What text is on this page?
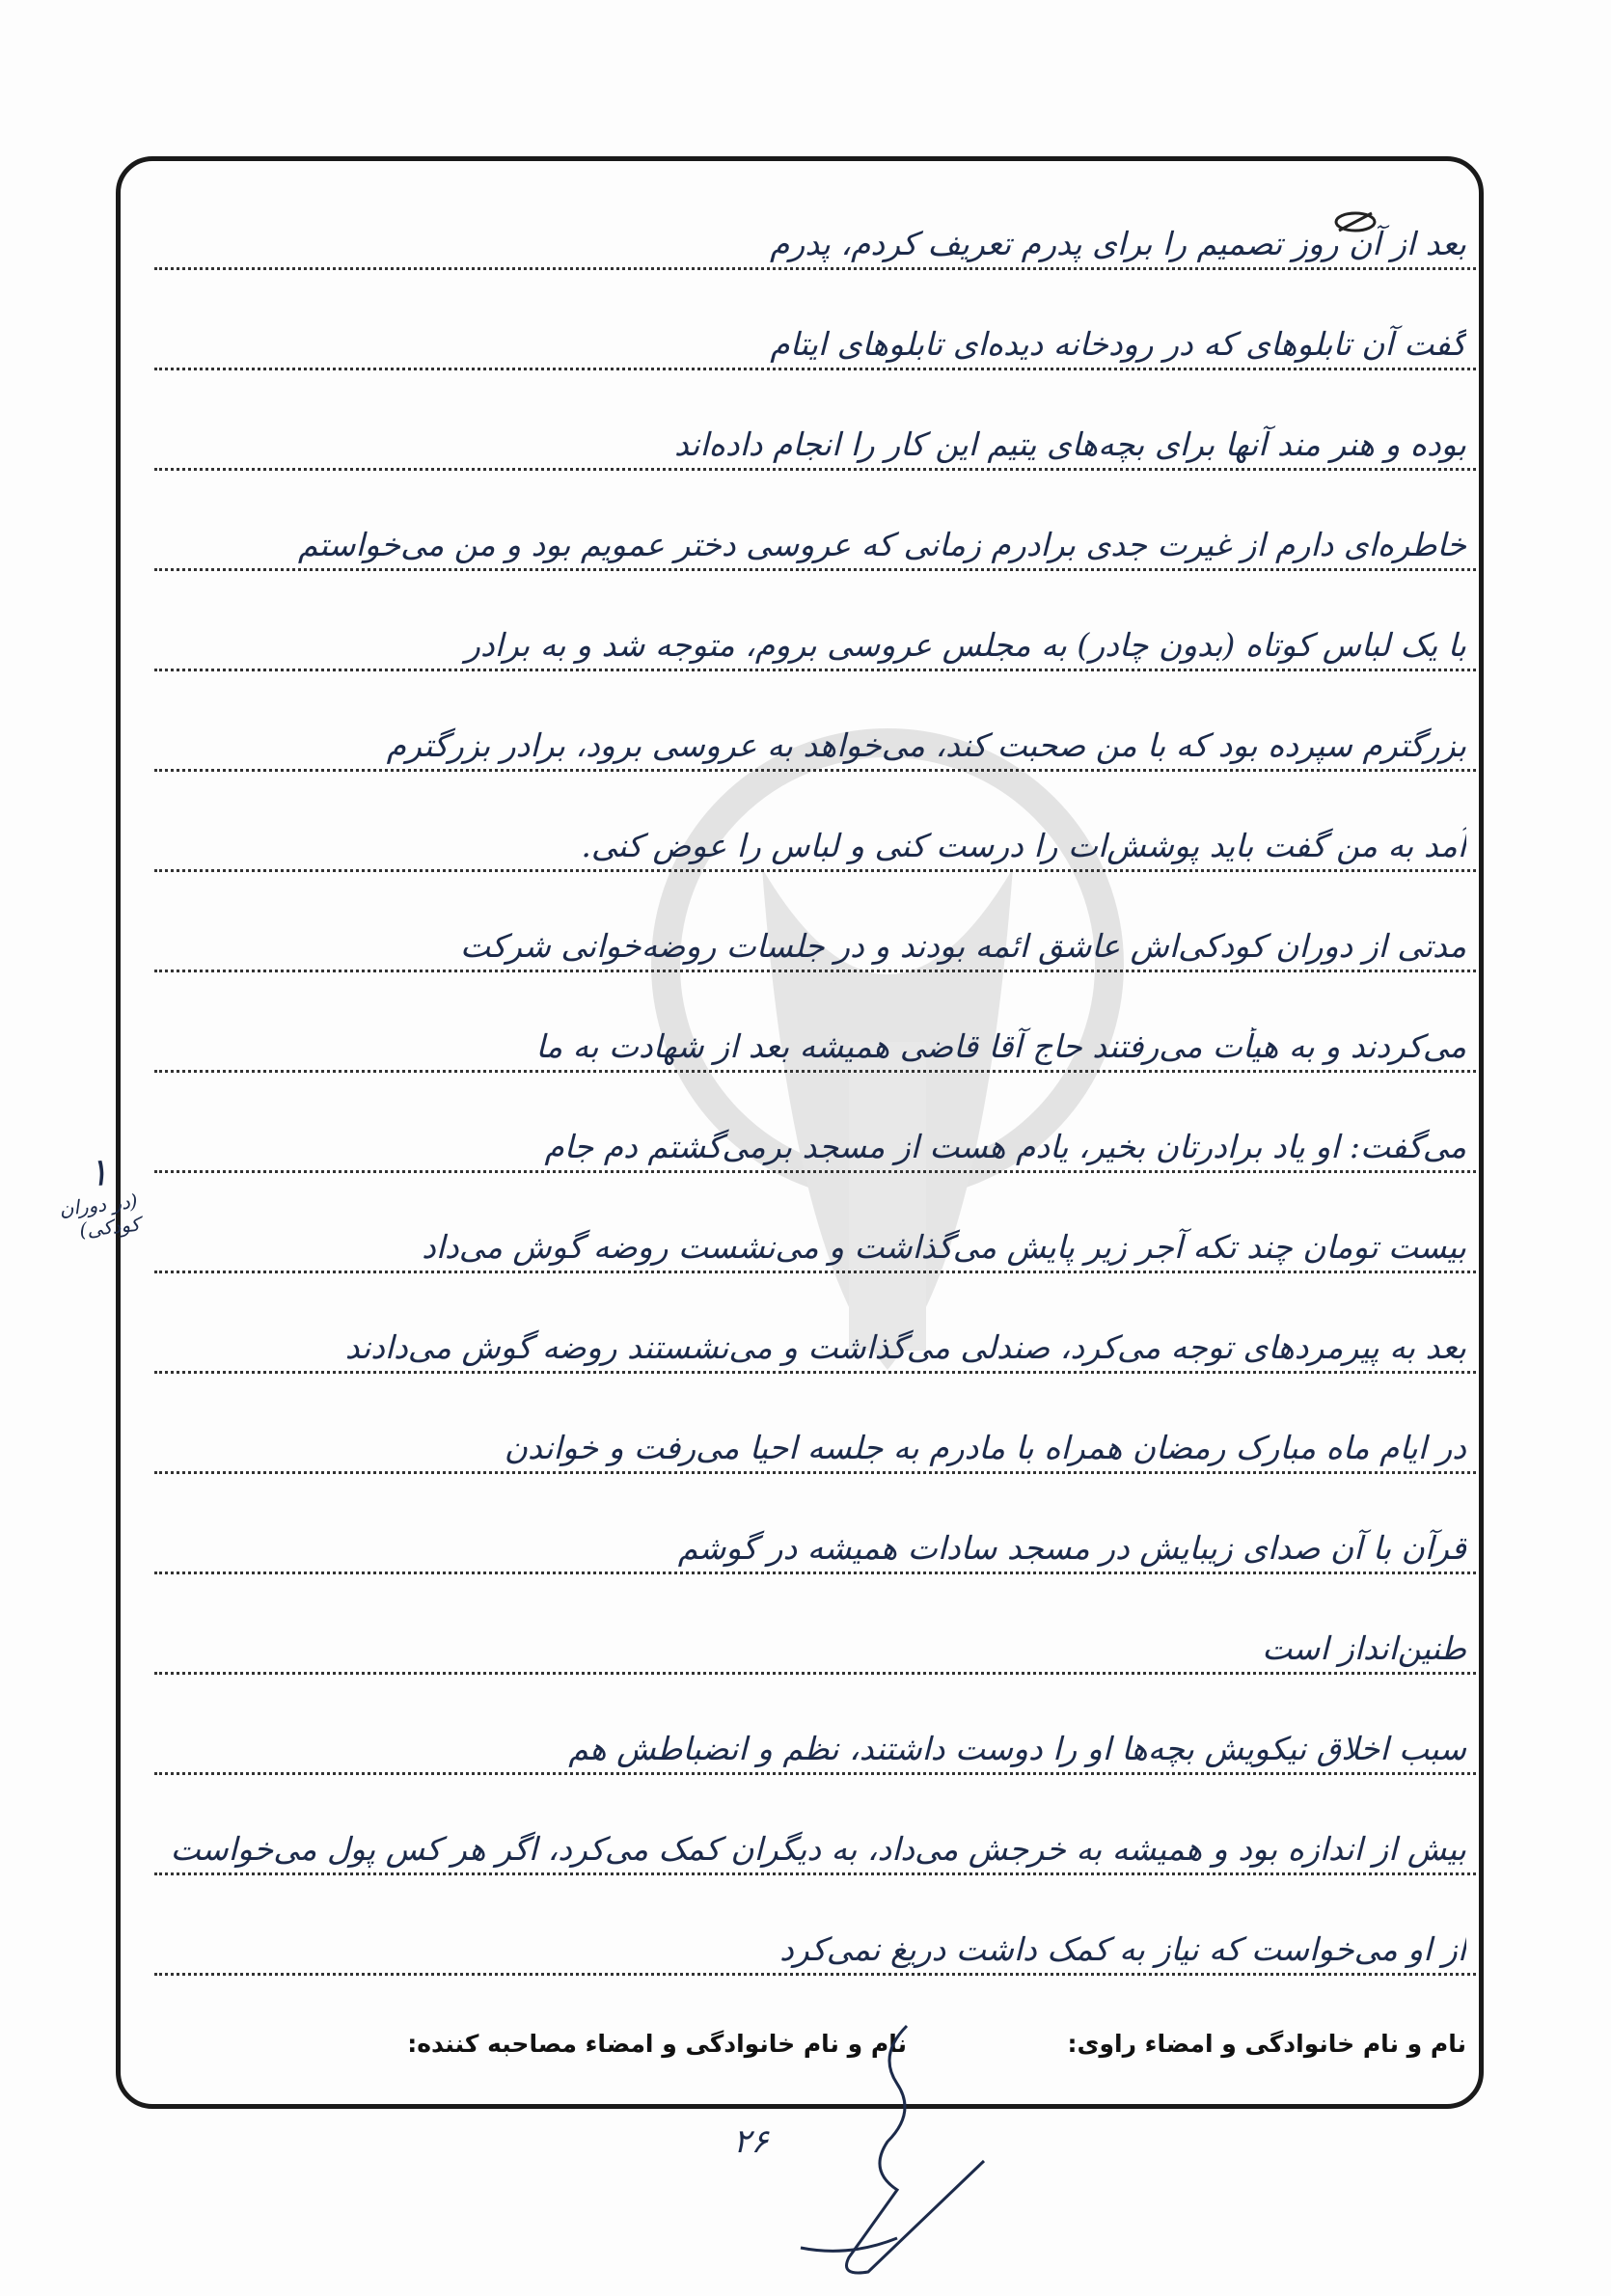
بعد از آن روز تصمیم را برای پدرم تعریف کردم، پدرم
گفت آن تابلوهای که در رودخانه دیده‌ای تابلوهای ایتام
بوده و هنر مند آنها برای بچه‌های یتیم این کار را انجام داده‌اند
خاطره‌ای دارم از غیرت جدی برادرم زمانی که عروسی دختر عمویم بود و من می‌خواستم
با یک لباس کوتاه (بدون چادر) به مجلس عروسی بروم، متوجه شد و به برادر
بزرگترم سپرده بود که با من صحبت کند، می‌خواهد به عروسی برود، برادر بزرگترم
آمد به من گفت باید پوشش‌ات را درست کنی و لباس را عوض کنی.
مدتی از دوران کودکی‌اش عاشق ائمه بودند و در جلسات روضه‌خوانی شرکت
می‌کردند و به هیأت می‌رفتند حاج آقا قاضی همیشه بعد از شهادت به ما
می‌گفت: او یاد برادرتان بخیر، یادم هست از مسجد برمی‌گشتم دم جام
بیست تومان چند تکه آجر زیر پایش می‌گذاشت و می‌نشست روضه گوش می‌داد
بعد به پیرمردهای توجه می‌کرد، صندلی می‌گذاشت و می‌نشستند روضه گوش می‌دادند
در ایام ماه مبارک رمضان همراه با مادرم به جلسه احیا می‌رفت و خواندن
قرآن با آن صدای زیبایش در مسجد سادات همیشه در گوشم
طنین‌انداز است
سبب اخلاق نیکویش بچه‌ها او را دوست داشتند، نظم و انضباطش هم
بیش از اندازه بود و همیشه به خرجش می‌داد، به دیگران کمک می‌کرد، اگر هر کس پول می‌خواست
از او می‌خواست که نیاز به کمک داشت دریغ نمی‌کرد
۱
(در دوران کودکی)
نام و نام خانوادگی و امضاء راوی:
نام و نام خانوادگی و امضاء مصاحبه کننده:
۲۶
